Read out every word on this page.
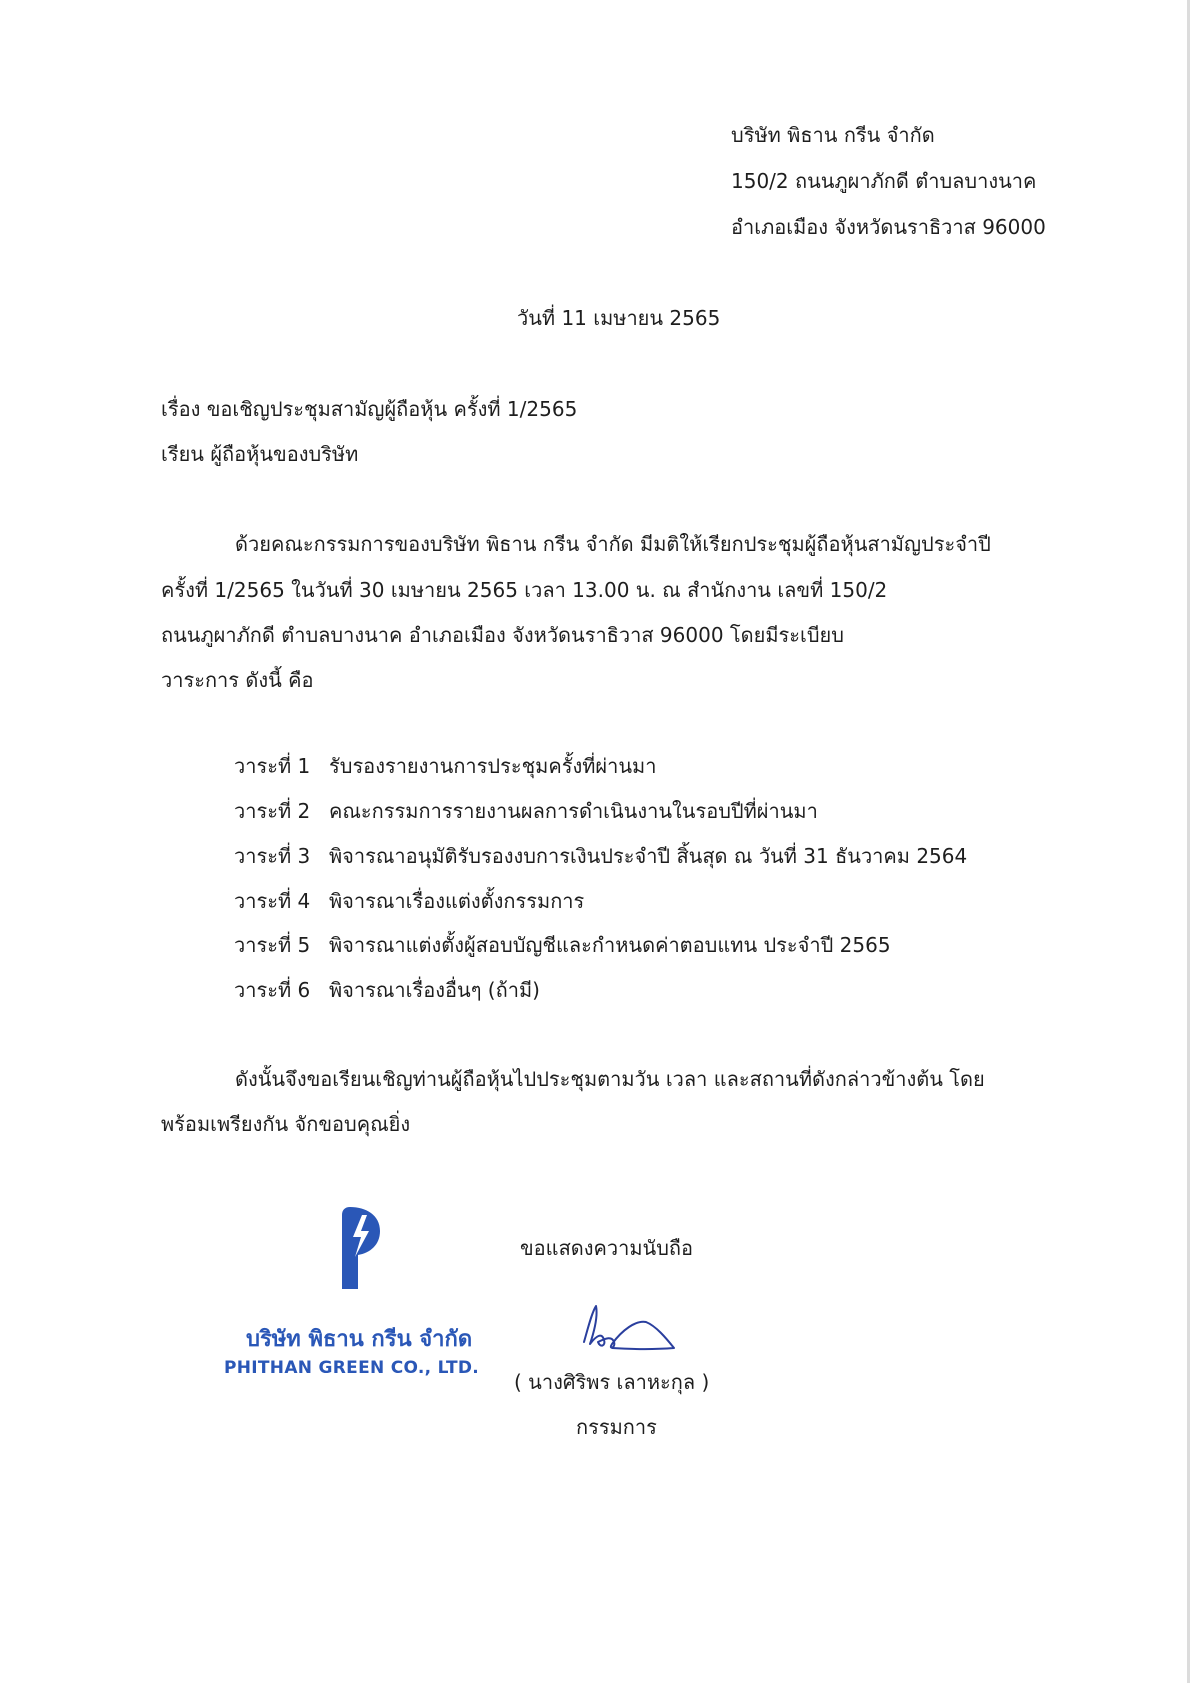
บริษัท พิธาน กรีน จำกัด
150/2 ถนนภูผาภักดี ตำบลบางนาค
อำเภอเมือง จังหวัดนราธิวาส 96000
วันที่ 11 เมษายน 2565
เรื่อง ขอเชิญประชุมสามัญผู้ถือหุ้น ครั้งที่ 1/2565
เรียน ผู้ถือหุ้นของบริษัท
ด้วยคณะกรรมการของบริษัท พิธาน กรีน จำกัด มีมติให้เรียกประชุมผู้ถือหุ้นสามัญประจำปี
ครั้งที่ 1/2565 ในวันที่ 30 เมษายน 2565 เวลา 13.00 น. ณ สำนักงาน เลขที่ 150/2
ถนนภูผาภักดี ตำบลบางนาค อำเภอเมือง จังหวัดนราธิวาส 96000 โดยมีระเบียบ
วาระการ ดังนี้ คือ
วาระที่ 1 รับรองรายงานการประชุมครั้งที่ผ่านมา
วาระที่ 2 คณะกรรมการรายงานผลการดำเนินงานในรอบปีที่ผ่านมา
วาระที่ 3 พิจารณาอนุมัติรับรองงบการเงินประจำปี สิ้นสุด ณ วันที่ 31 ธันวาคม 2564
วาระที่ 4 พิจารณาเรื่องแต่งตั้งกรรมการ
วาระที่ 5 พิจารณาแต่งตั้งผู้สอบบัญชีและกำหนดค่าตอบแทน ประจำปี 2565
วาระที่ 6 พิจารณาเรื่องอื่นๆ (ถ้ามี)
ดังนั้นจึงขอเรียนเชิญท่านผู้ถือหุ้นไปประชุมตามวัน เวลา และสถานที่ดังกล่าวข้างต้น โดย
พร้อมเพรียงกัน จักขอบคุณยิ่ง
บริษัท พิธาน กรีน จำกัด
PHITHAN GREEN CO., LTD.
ขอแสดงความนับถือ
( นางศิริพร เลาหะกุล )
กรรมการ
